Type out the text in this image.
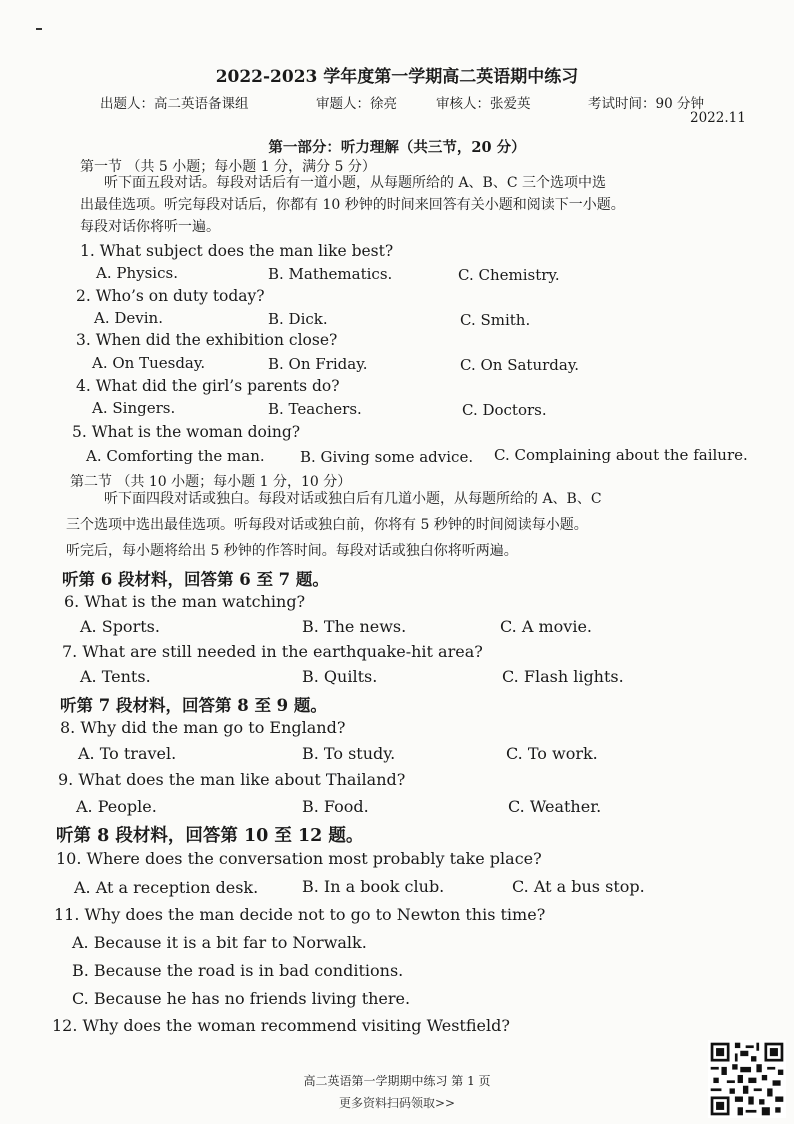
2022-2023 学年度第一学期高二英语期中练习
出题人：高二英语备课组	审题人：徐亮	审核人：张爱英	考试时间：90 分钟
2022.11
第一部分：听力理解（共三节，20 分）
第一节 （共 5 小题；每小题 1 分，满分 5 分）
听下面五段对话。每段对话后有一道小题，从每题所给的 A、B、C 三个选项中选
出最佳选项。听完每段对话后，你都有 10 秒钟的时间来回答有关小题和阅读下一小题。
每段对话你将听一遍。
1. What subject does the man like best?
A. Physics.	B. Mathematics.	C. Chemistry.
2. Who’s on duty today?
A. Devin.	B. Dick.	C. Smith.
3. When did the exhibition close?
A. On Tuesday.	B. On Friday.	C. On Saturday.
4. What did the girl’s parents do?
A. Singers.	B. Teachers.	C. Doctors.
5. What is the woman doing?
A. Comforting the man. B. Giving some advice. C. Complaining about the failure.
第二节 （共 10 小题；每小题 1 分，10 分）
听下面四段对话或独白。每段对话或独白后有几道小题，从每题所给的 A、B、C
三个选项中选出最佳选项。听每段对话或独白前，你将有 5 秒钟的时间阅读每小题。
听完后，每小题将给出 5 秒钟的作答时间。每段对话或独白你将听两遍。
听第 6 段材料，回答第 6 至 7 题。
6. What is the man watching?
A. Sports.	B. The news.	C. A movie.
7. What are still needed in the earthquake-hit area?
A. Tents.	B. Quilts.	C. Flash lights.
听第 7 段材料，回答第 8 至 9 题。
8. Why did the man go to England?
A. To travel.	B. To study.	C. To work.
9. What does the man like about Thailand?
A. People.	B. Food.	C. Weather.
听第 8 段材料，回答第 10 至 12 题。
10. Where does the conversation most probably take place?
A. At a reception desk.	B. In a book club.	C. At a bus stop.
11. Why does the man decide not to go to Newton this time?
A. Because it is a bit far to Norwalk.
B. Because the road is in bad conditions.
C. Because he has no friends living there.
12. Why does the woman recommend visiting Westfield?
高二英语第一学期期中练习 第 1 页
更多资料扫码领取>>
